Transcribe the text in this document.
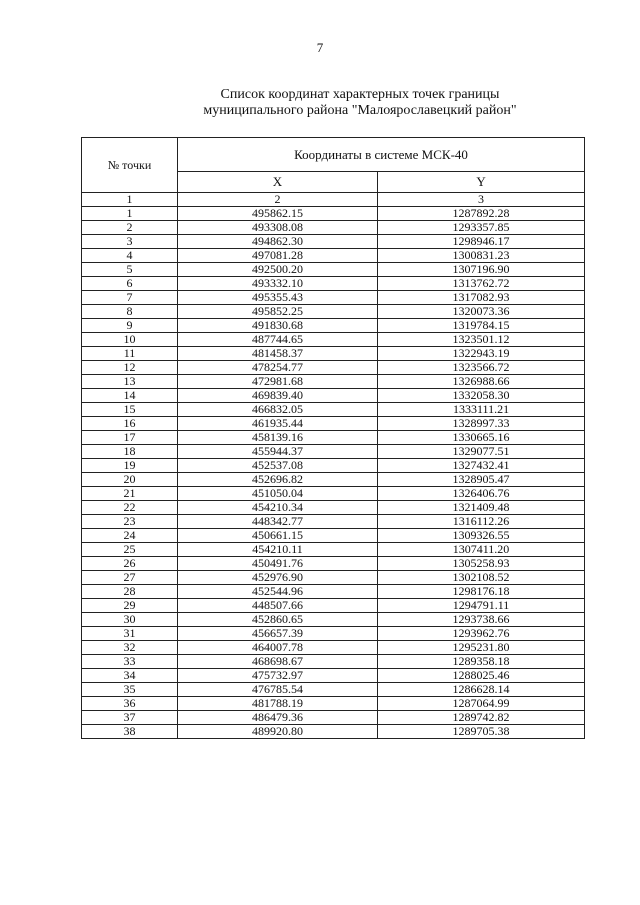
7
Список координат характерных точек границы
муниципального района "Малоярославецкий район"
№ точки	Координаты в системе МСК-40	
	X	Y
1	2	3
1	495862.15	1287892.28
2	493308.08	1293357.85
3	494862.30	1298946.17
4	497081.28	1300831.23
5	492500.20	1307196.90
6	493332.10	1313762.72
7	495355.43	1317082.93
8	495852.25	1320073.36
9	491830.68	1319784.15
10	487744.65	1323501.12
11	481458.37	1322943.19
12	478254.77	1323566.72
13	472981.68	1326988.66
14	469839.40	1332058.30
15	466832.05	1333111.21
16	461935.44	1328997.33
17	458139.16	1330665.16
18	455944.37	1329077.51
19	452537.08	1327432.41
20	452696.82	1328905.47
21	451050.04	1326406.76
22	454210.34	1321409.48
23	448342.77	1316112.26
24	450661.15	1309326.55
25	454210.11	1307411.20
26	450491.76	1305258.93
27	452976.90	1302108.52
28	452544.96	1298176.18
29	448507.66	1294791.11
30	452860.65	1293738.66
31	456657.39	1293962.76
32	464007.78	1295231.80
33	468698.67	1289358.18
34	475732.97	1288025.46
35	476785.54	1286628.14
36	481788.19	1287064.99
37	486479.36	1289742.82
38	489920.80	1289705.38
